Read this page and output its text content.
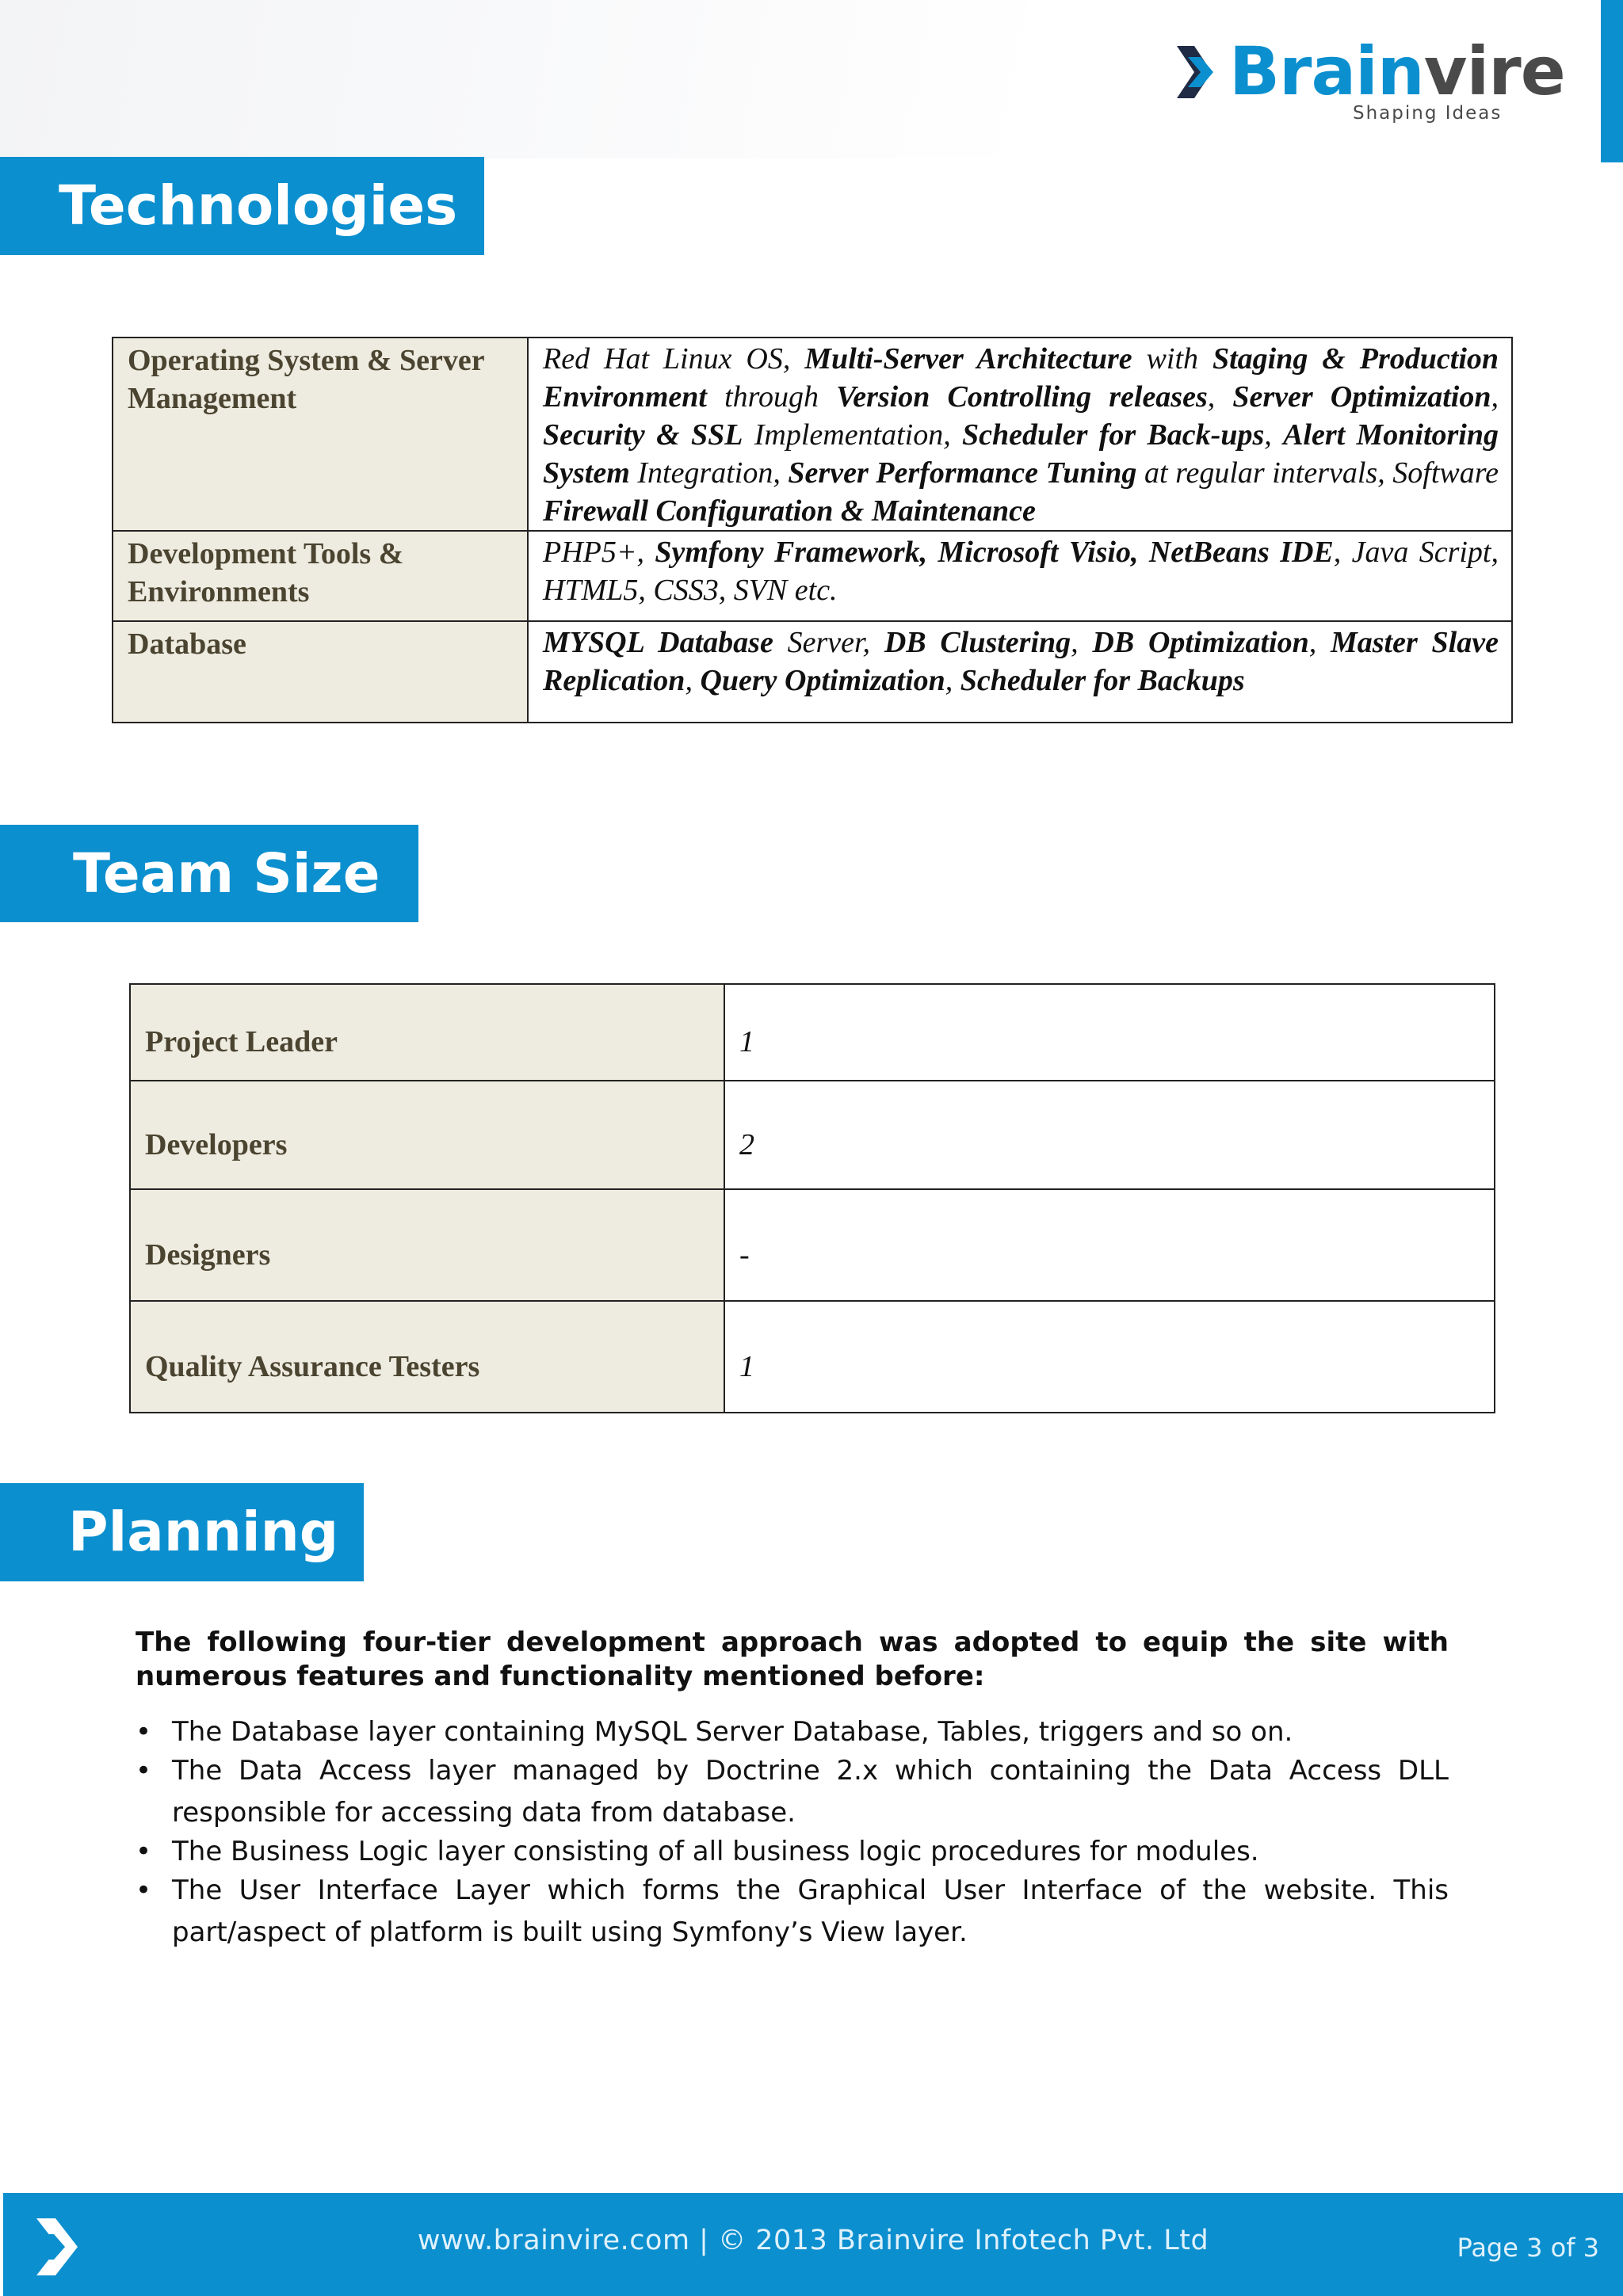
Brainvire
Shaping Ideas
Technologies
Operating System & Server Management	Red Hat Linux OS, Multi-Server Architecture with Staging & Production Environment through Version Controlling releases, Server Optimization, Security & SSL Implementation, Scheduler for Back-ups, Alert Monitoring System Integration, Server Performance Tuning at regular intervals, Software Firewall Configuration & Maintenance
Development Tools & Environments	PHP5+, Symfony Framework, Microsoft Visio, NetBeans IDE, Java Script, HTML5, CSS3, SVN etc.
Database	MYSQL Database Server, DB Clustering, DB Optimization, Master Slave Replication, Query Optimization, Scheduler for Backups
Team Size
Project Leader	1
Developers	2
Designers	-
Quality Assurance Testers	1
Planning

The following four-tier development approach was adopted to equip the site with numerous features and functionality mentioned before:

• The Database layer containing MySQL Server Database, Tables, triggers and so on.
• The Data Access layer managed by Doctrine 2.x which containing the Data Access DLL responsible for accessing data from database.
• The Business Logic layer consisting of all business logic procedures for modules.
• The User Interface Layer which forms the Graphical User Interface of the website. This part/aspect of platform is built using Symfony’s View layer.
www.brainvire.com | © 2013 Brainvire Infotech Pvt. Ltd	Page 3 of 3
